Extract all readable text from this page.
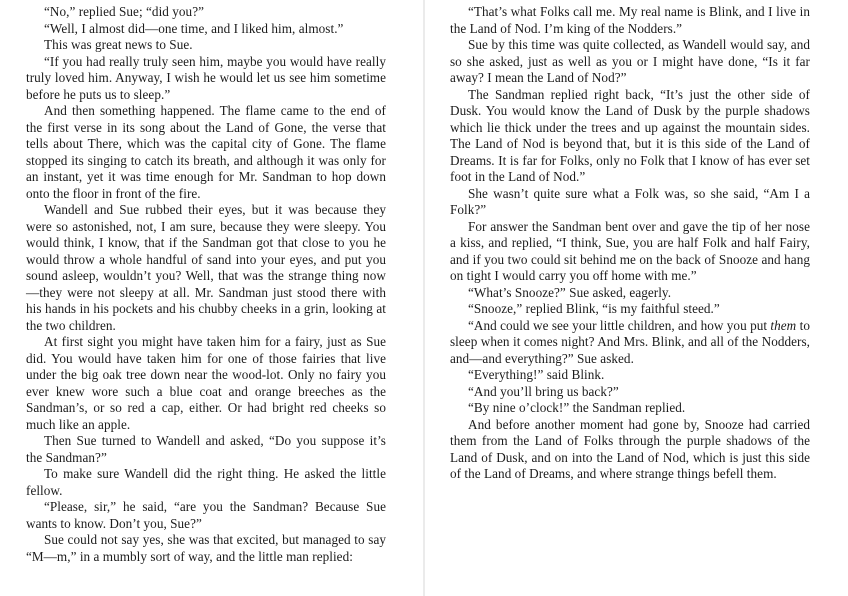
“No,” replied Sue; “did you?”

“Well, I almost did—one time, and I liked him, almost.”

This was great news to Sue.

“If you had really truly seen him, maybe you would have really truly loved him. Anyway, I wish he would let us see him sometime before he puts us to sleep.”

And then something happened. The flame came to the end of the first verse in its song about the Land of Gone, the verse that tells about There, which was the capital city of Gone. The flame stopped its singing to catch its breath, and although it was only for an instant, yet it was time enough for Mr. Sandman to hop down onto the floor in front of the fire.

Wandell and Sue rubbed their eyes, but it was because they were so astonished, not, I am sure, because they were sleepy. You would think, I know, that if the Sandman got that close to you he would throw a whole handful of sand into your eyes, and put you sound asleep, wouldn’t you? Well, that was the strange thing now—they were not sleepy at all. Mr. Sandman just stood there with his hands in his pockets and his chubby cheeks in a grin, looking at the two children.

At first sight you might have taken him for a fairy, just as Sue did. You would have taken him for one of those fairies that live under the big oak tree down near the wood-lot. Only no fairy you ever knew wore such a blue coat and orange breeches as the Sandman’s, or so red a cap, either. Or had bright red cheeks so much like an apple.

Then Sue turned to Wandell and asked, “Do you suppose it’s the Sandman?”

To make sure Wandell did the right thing. He asked the little fellow.

“Please, sir,” he said, “are you the Sandman? Because Sue wants to know. Don’t you, Sue?”

Sue could not say yes, she was that excited, but managed to say “M—m,” in a mumbly sort of way, and the little man replied:

“That’s what Folks call me. My real name is Blink, and I live in the Land of Nod. I’m king of the Nodders.”

Sue by this time was quite collected, as Wandell would say, and so she asked, just as well as you or I might have done, “Is it far away? I mean the Land of Nod?”

The Sandman replied right back, “It’s just the other side of Dusk. You would know the Land of Dusk by the purple shadows which lie thick under the trees and up against the mountain sides. The Land of Nod is beyond that, but it is this side of the Land of Dreams. It is far for Folks, only no Folk that I know of has ever set foot in the Land of Nod.”

She wasn’t quite sure what a Folk was, so she said, “Am I a Folk?”

For answer the Sandman bent over and gave the tip of her nose a kiss, and replied, “I think, Sue, you are half Folk and half Fairy, and if you two could sit behind me on the back of Snooze and hang on tight I would carry you off home with me.”

“What’s Snooze?” Sue asked, eagerly.

“Snooze,” replied Blink, “is my faithful steed.”

“And could we see your little children, and how you put them to sleep when it comes night? And Mrs. Blink, and all of the Nodders, and—and everything?” Sue asked.

“Everything!” said Blink.

“And you’ll bring us back?”

“By nine o’clock!” the Sandman replied.

And before another moment had gone by, Snooze had carried them from the Land of Folks through the purple shadows of the Land of Dusk, and on into the Land of Nod, which is just this side of the Land of Dreams, and where strange things befell them.
